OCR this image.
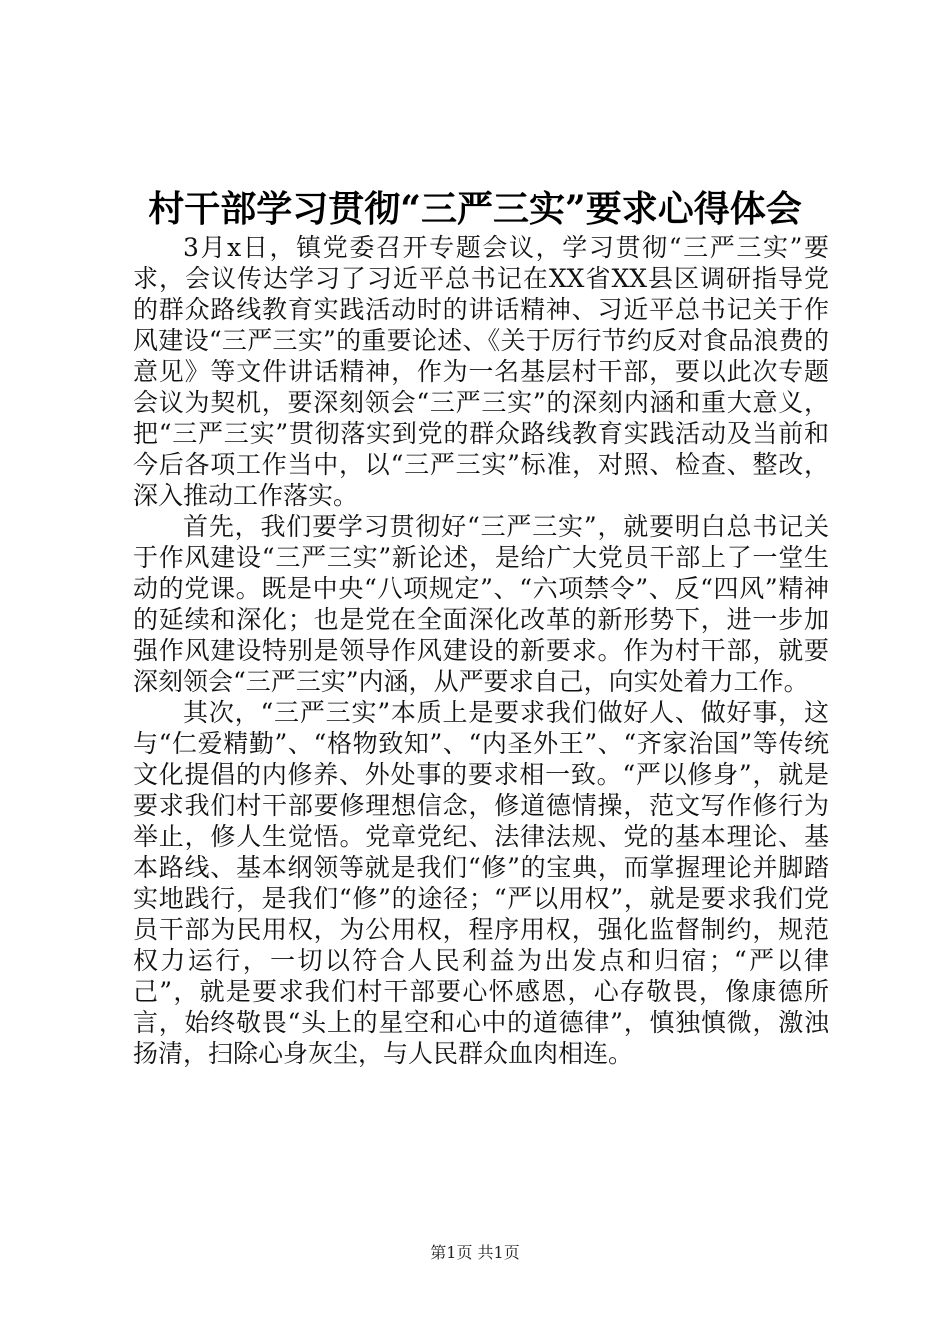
村干部学习贯彻“三严三实”要求心得体会

3月x日，镇党委召开专题会议，学习贯彻“三严三实”要求，会议传达学习了习近平总书记在XX省XX县区调研指导党的群众路线教育实践活动时的讲话精神、习近平总书记关于作风建设“三严三实”的重要论述、《关于厉行节约反对食品浪费的意见》等文件讲话精神，作为一名基层村干部，要以此次专题会议为契机，要深刻领会“三严三实”的深刻内涵和重大意义，把“三严三实”贯彻落实到党的群众路线教育实践活动及当前和今后各项工作当中，以“三严三实”标准，对照、检查、整改，深入推动工作落实。

首先，我们要学习贯彻好“三严三实”，就要明白总书记关于作风建设“三严三实”新论述，是给广大党员干部上了一堂生动的党课。既是中央“八项规定”、“六项禁令”、反“四风”精神的延续和深化；也是党在全面深化改革的新形势下，进一步加强作风建设特别是领导作风建设的新要求。作为村干部，就要深刻领会“三严三实”内涵，从严要求自己，向实处着力工作。

其次，“三严三实”本质上是要求我们做好人、做好事，这与“仁爱精勤”、“格物致知”、“内圣外王”、“齐家治国”等传统文化提倡的内修养、外处事的要求相一致。“严以修身”，就是要求我们村干部要修理想信念，修道德情操，范文写作修行为举止，修人生觉悟。党章党纪、法律法规、党的基本理论、基本路线、基本纲领等就是我们“修”的宝典，而掌握理论并脚踏实地践行，是我们“修”的途径；“严以用权”，就是要求我们党员干部为民用权，为公用权，程序用权，强化监督制约，规范权力运行，一切以符合人民利益为出发点和归宿；“严以律己”，就是要求我们村干部要心怀感恩，心存敬畏，像康德所言，始终敬畏“头上的星空和心中的道德律”，慎独慎微，激浊扬清，扫除心身灰尘，与人民群众血肉相连。

第1页 共1页
